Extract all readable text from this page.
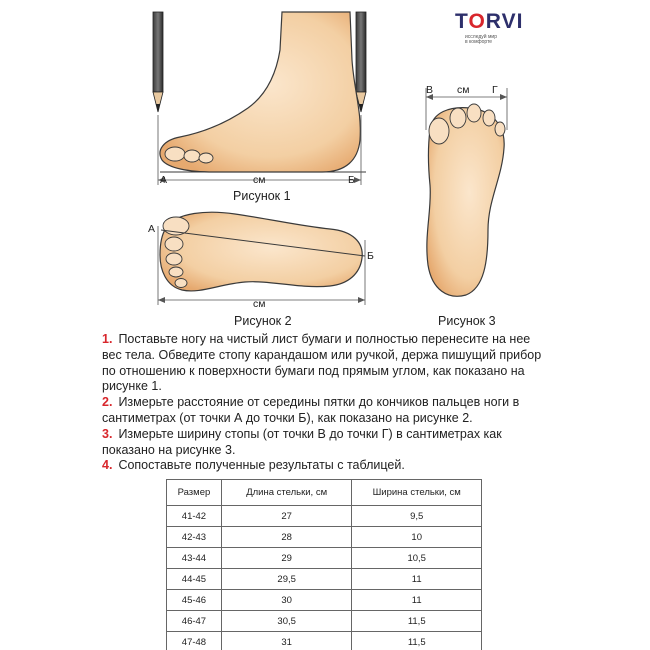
TORVI
исследуй мир
в комфорте
А	см	Б
Рисунок 1
А
Б
см
Рисунок 2
В см Г
Рисунок 3

1. Поставьте ногу на чистый лист бумаги и полностью перенесите на нее вес тела. Обведите стопу карандашом или ручкой, держа пишущий прибор по отношению к поверхности бумаги под прямым углом, как показано на рисунке 1.

2. Измерьте расстояние от середины пятки до кончиков пальцев ноги в сантиметрах (от точки А до точки Б), как показано на рисунке 2.

3. Измерьте ширину стопы (от точки В до точки Г) в сантиметрах как показано на рисунке 3.

4. Сопоставьте полученные результаты с таблицей.

Размер	Длина стельки, см	Ширина стельки, см
41-42	27	9,5
42-43	28	10
43-44	29	10,5
44-45	29,5	11
45-46	30	11
46-47	30,5	11,5
47-48	31	11,5
